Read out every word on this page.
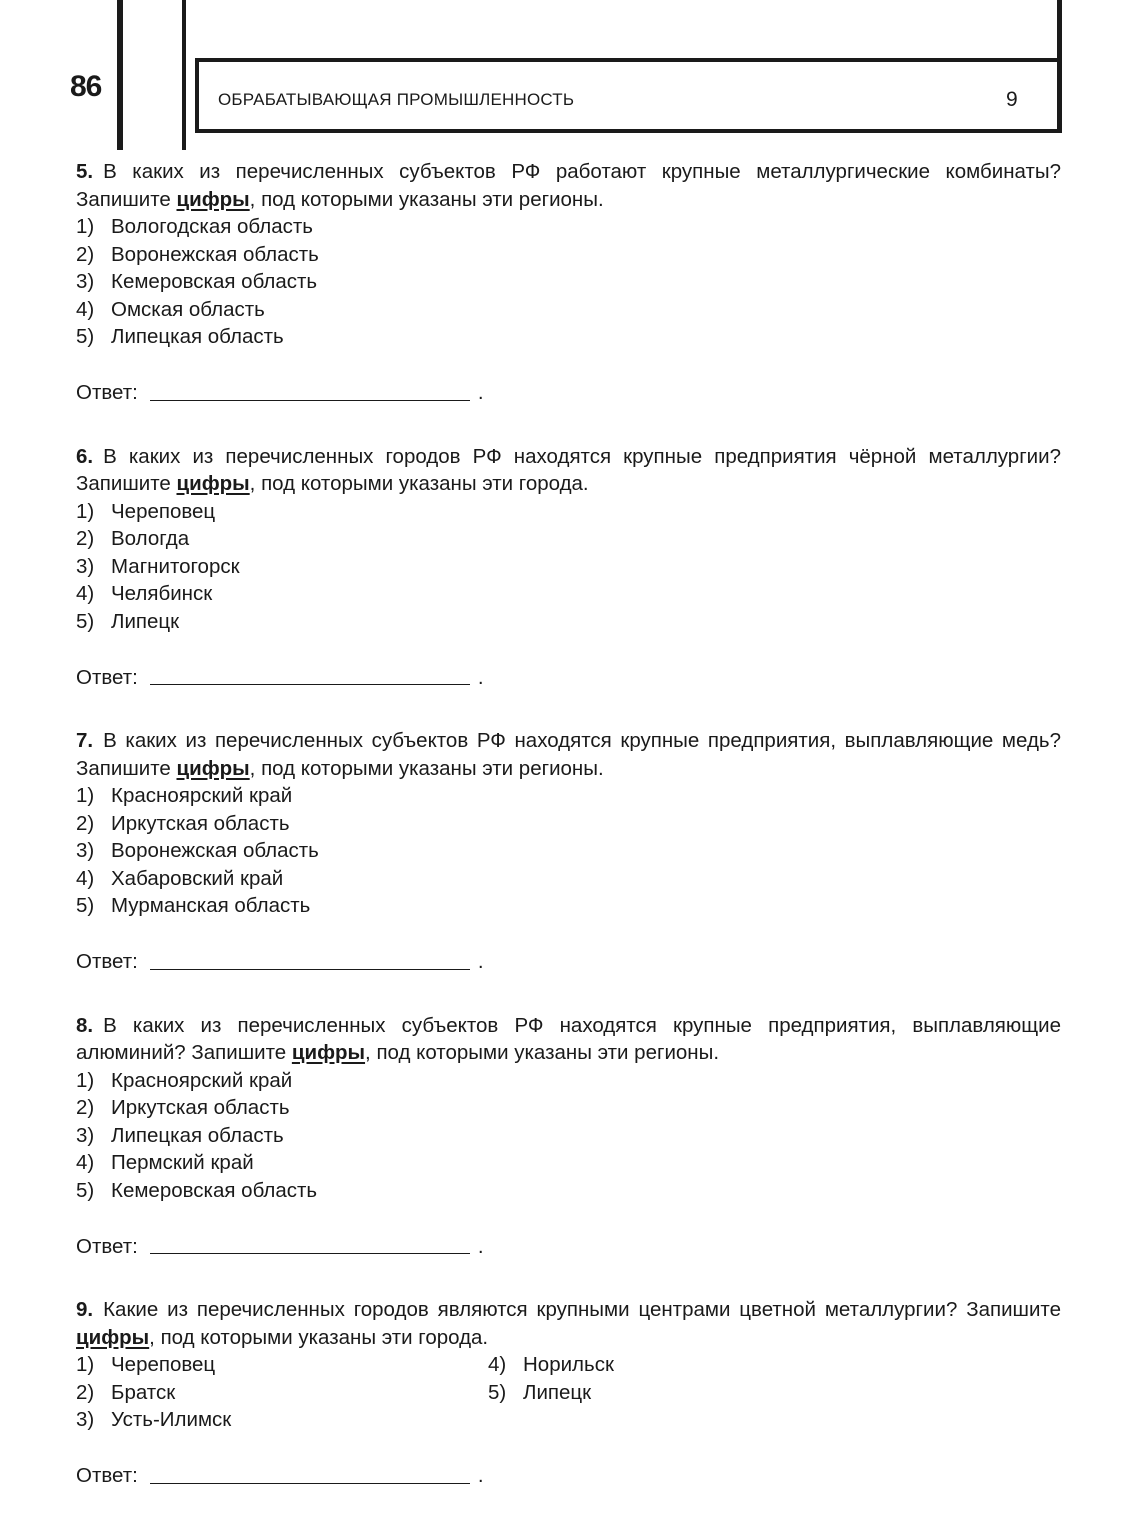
86	ОБРАБАТЫВАЮЩАЯ ПРОМЫШЛЕННОСТЬ	9

5. В каких из перечисленных субъектов РФ работают крупные металлургические комбинаты? Запишите цифры, под которыми указаны эти регионы.

1) Вологодская область
2) Воронежская область
3) Кемеровская область
4) Омская область
5) Липецкая область
Ответ:	.

6. В каких из перечисленных городов РФ находятся крупные предприятия чёрной металлургии? Запишите цифры, под которыми указаны эти города.

1) Череповец
2) Вологда
3) Магнитогорск
4) Челябинск
5) Липецк
Ответ:	.

7. В каких из перечисленных субъектов РФ находятся крупные предприятия, выплавляющие медь? Запишите цифры, под которыми указаны эти регионы.

1) Красноярский край
2) Иркутская область
3) Воронежская область
4) Хабаровский край
5) Мурманская область
Ответ:	.

8. В каких из перечисленных субъектов РФ находятся крупные предприятия, выплавляющие алюминий? Запишите цифры, под которыми указаны эти регионы.

1) Красноярский край
2) Иркутская область
3) Липецкая область
4) Пермский край
5) Кемеровская область
Ответ:	.

9. Какие из перечисленных городов являются крупными центрами цветной металлургии? Запишите цифры, под которыми указаны эти города.

1) Череповец
2) Братск
3) Усть-Илимск
4) Норильск
5) Липецк
Ответ:	.
